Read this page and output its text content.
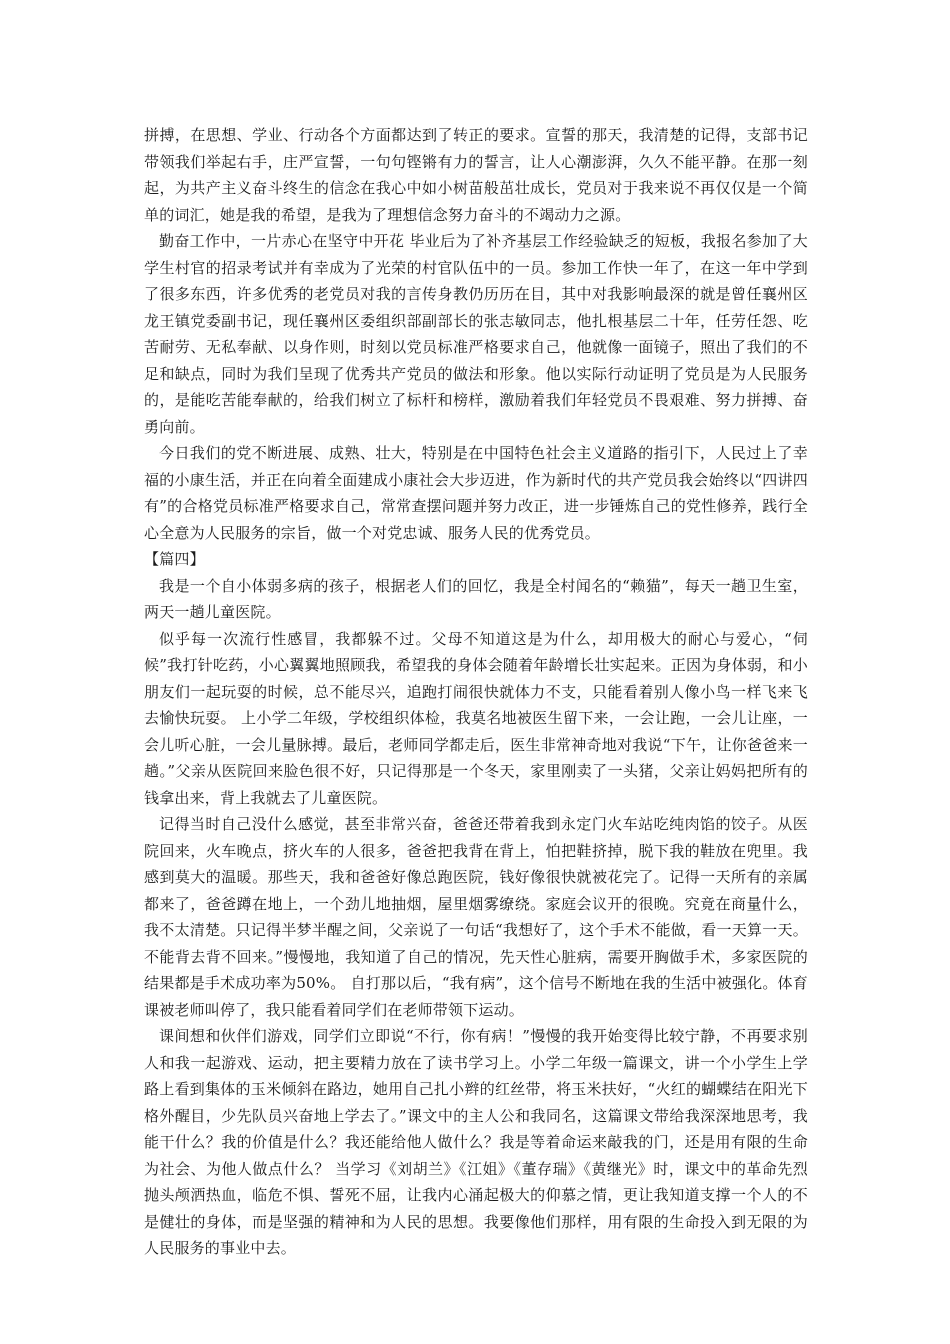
拼搏，在思想、学业、行动各个方面都达到了转正的要求。宣誓的那天，我清楚的记得，支部书记带领我们举起右手，庄严宣誓，一句句铿锵有力的誓言，让人心潮澎湃，久久不能平静。在那一刻起，为共产主义奋斗终生的信念在我心中如小树苗般茁壮成长，党员对于我来说不再仅仅是一个简单的词汇，她是我的希望，是我为了理想信念努力奋斗的不竭动力之源。

勤奋工作中，一片赤心在坚守中开花 毕业后为了补齐基层工作经验缺乏的短板，我报名参加了大学生村官的招录考试并有幸成为了光荣的村官队伍中的一员。参加工作快一年了，在这一年中学到了很多东西，许多优秀的老党员对我的言传身教仍历历在目，其中对我影响最深的就是曾任襄州区龙王镇党委副书记，现任襄州区委组织部副部长的张志敏同志，他扎根基层二十年，任劳任怨、吃苦耐劳、无私奉献、以身作则，时刻以党员标准严格要求自己，他就像一面镜子，照出了我们的不足和缺点，同时为我们呈现了优秀共产党员的做法和形象。他以实际行动证明了党员是为人民服务的，是能吃苦能奉献的，给我们树立了标杆和榜样，激励着我们年轻党员不畏艰难、努力拼搏、奋勇向前。

今日我们的党不断进展、成熟、壮大，特别是在中国特色社会主义道路的指引下，人民过上了幸福的小康生活，并正在向着全面建成小康社会大步迈进，作为新时代的共产党员我会始终以“四讲四有”的合格党员标准严格要求自己，常常查摆问题并努力改正，进一步锤炼自己的党性修养，践行全心全意为人民服务的宗旨，做一个对党忠诚、服务人民的优秀党员。

【篇四】

我是一个自小体弱多病的孩子，根据老人们的回忆，我是全村闻名的“赖猫”，每天一趟卫生室，两天一趟儿童医院。

似乎每一次流行性感冒，我都躲不过。父母不知道这是为什么，却用极大的耐心与爱心，“伺候”我打针吃药，小心翼翼地照顾我，希望我的身体会随着年龄增长壮实起来。正因为身体弱，和小朋友们一起玩耍的时候，总不能尽兴，追跑打闹很快就体力不支，只能看着别人像小鸟一样飞来飞去愉快玩耍。 上小学二年级，学校组织体检，我莫名地被医生留下来，一会让跑，一会儿让座，一会儿听心脏，一会儿量脉搏。最后，老师同学都走后，医生非常神奇地对我说“下午，让你爸爸来一趟。”父亲从医院回来脸色很不好，只记得那是一个冬天，家里刚卖了一头猪，父亲让妈妈把所有的钱拿出来，背上我就去了儿童医院。

记得当时自己没什么感觉，甚至非常兴奋，爸爸还带着我到永定门火车站吃纯肉馅的饺子。从医院回来，火车晚点，挤火车的人很多，爸爸把我背在背上，怕把鞋挤掉，脱下我的鞋放在兜里。我感到莫大的温暖。那些天，我和爸爸好像总跑医院，钱好像很快就被花完了。记得一天所有的亲属都来了，爸爸蹲在地上，一个劲儿地抽烟，屋里烟雾缭绕。家庭会议开的很晚。究竟在商量什么，我不太清楚。只记得半梦半醒之间，父亲说了一句话“我想好了，这个手术不能做，看一天算一天。不能背去背不回来。”慢慢地，我知道了自己的情况，先天性心脏病，需要开胸做手术，多家医院的结果都是手术成功率为50%。 自打那以后，“我有病”，这个信号不断地在我的生活中被强化。体育课被老师叫停了，我只能看着同学们在老师带领下运动。

课间想和伙伴们游戏，同学们立即说“不行，你有病！”慢慢的我开始变得比较宁静，不再要求别人和我一起游戏、运动，把主要精力放在了读书学习上。小学二年级一篇课文，讲一个小学生上学路上看到集体的玉米倾斜在路边，她用自己扎小辫的红丝带，将玉米扶好，“火红的蝴蝶结在阳光下格外醒目，少先队员兴奋地上学去了。”课文中的主人公和我同名，这篇课文带给我深深地思考，我能干什么？我的价值是什么？我还能给他人做什么？我是等着命运来敲我的门，还是用有限的生命为社会、为他人做点什么？ 当学习《刘胡兰》《江姐》《董存瑞》《黄继光》时，课文中的革命先烈抛头颅洒热血，临危不惧、誓死不屈，让我内心涌起极大的仰慕之情，更让我知道支撑一个人的不是健壮的身体，而是坚强的精神和为人民的思想。我要像他们那样，用有限的生命投入到无限的为人民服务的事业中去。
